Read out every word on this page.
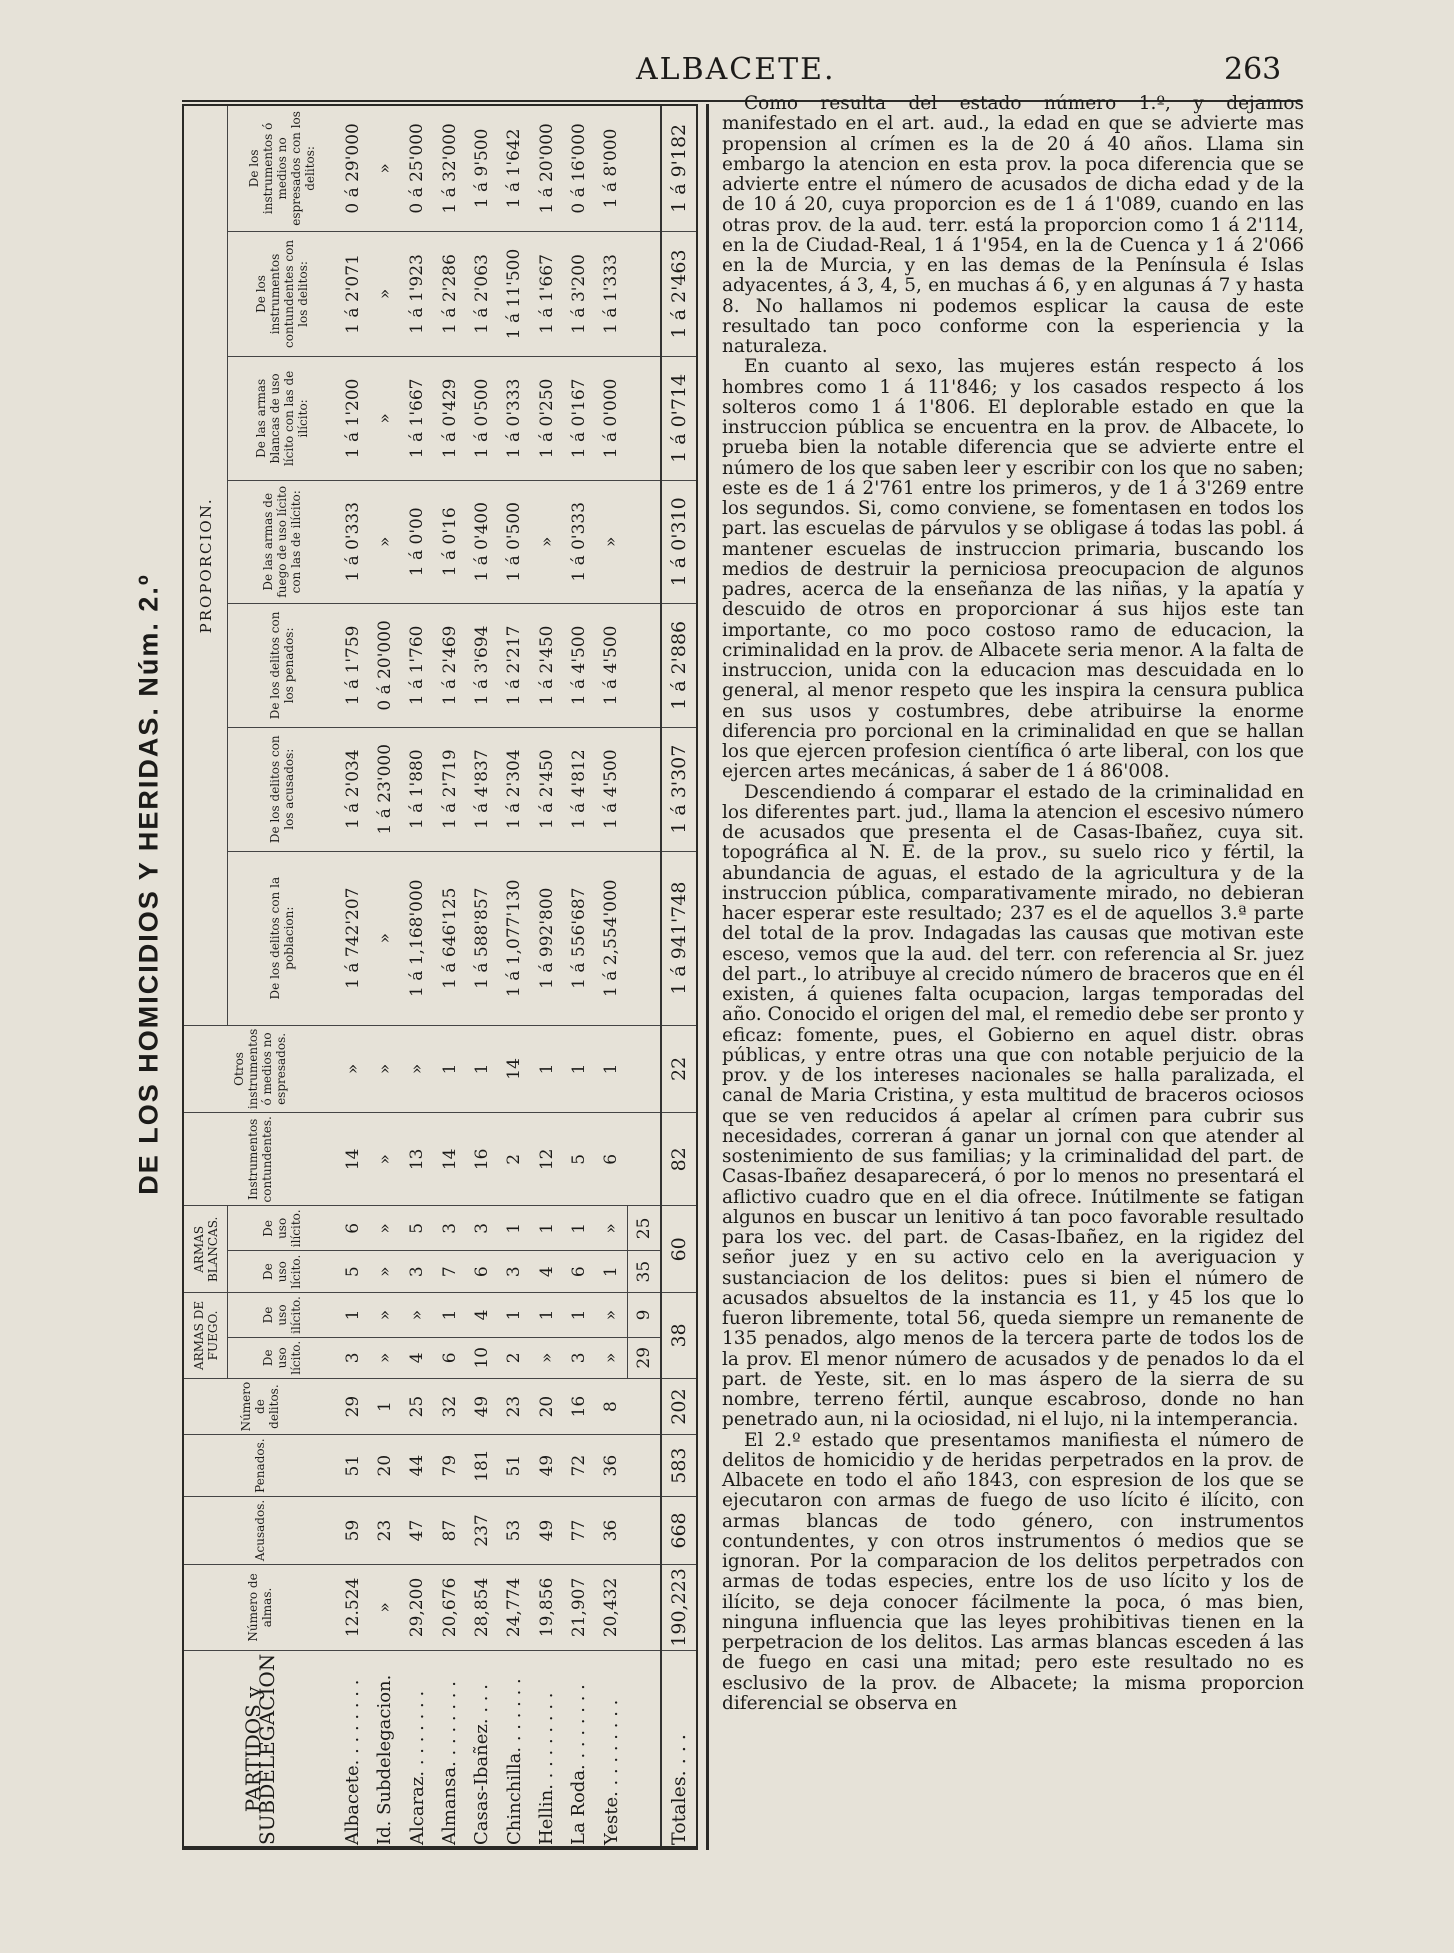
ALBACETE.	263
DE LOS HOMICIDIOS Y HERIDAS. Núm. 2.º
PARTIDOS y SUBDELEGACION	Número de almas.	Acusados.	Penados.	Número de delitos.	ARMAS DE FUEGO.		ARMAS BLANCAS.		Instrumentos contundentes.	Otros instrumentos ó medios no espresados.	PROPORCION.						
					De uso lícito.	De uso ilícito.	De uso lícito.	De uso ilícito.			De los delitos con la poblacion:	De los delitos con los acusados:	De los delitos con los penados:	De las armas de fuego de uso lícito con las de ilícito:	De las armas blancas de uso lícito con las de ilícito:	De los instrumentos contundentes con los delitos:	De los instrumentos ó medios no espresados con los delitos:
Albacete. . . . . . . .	12.524	59	51	29	3	1	5	6	14	»	1 á 742'207	1 á 2'034	1 á 1'759	1 á 0'333	1 á 1'200	1 á 2'071	0 á 29'000
Id. Subdelegacion.	»	23	20	1	»	»	»	»	»	»	»	1 á 23'000	0 á 20'000	»	»	»	»
Alcaraz. . . . . . . .	29,200	47	44	25	4	»	3	5	13	»	1 á 1,168'000	1 á 1'880	1 á 1'760	1 á 0'00	1 á 1'667	1 á 1'923	0 á 25'000
Almansa. . . . . . . .	20,676	87	79	32	6	1	7	3	14	1	1 á 646'125	1 á 2'719	1 á 2'469	1 á 0'16	1 á 0'429	1 á 2'286	1 á 32'000
Casas-Ibañez. . . .	28,854	237	181	49	10	4	6	3	16	1	1 á 588'857	1 á 4'837	1 á 3'694	1 á 0'400	1 á 0'500	1 á 2'063	1 á 9'500
Chinchilla. . . . . . .	24,774	53	51	23	2	1	3	1	2	14	1 á 1,077'130	1 á 2'304	1 á 2'217	1 á 0'500	1 á 0'333	1 á 11'500	1 á 1'642
Hellin. . . . . . . . .	19,856	49	49	20	»	1	4	1	12	1	1 á 992'800	1 á 2'450	1 á 2'450	»	1 á 0'250	1 á 1'667	1 á 20'000
La Roda. . . . . . . .	21,907	77	72	16	3	1	6	1	5	1	1 á 556'687	1 á 4'812	1 á 4'500	1 á 0'333	1 á 0'167	1 á 3'200	0 á 16'000
Yeste. . . . . . . . .	20,432	36	36	8	»	»	1	»	6	1	1 á 2,554'000	1 á 4'500	1 á 4'500	»	1 á 0'000	1 á 1'333	1 á 8'000
					29	9	35	25									
Totales. . . .	190,223	668	583	202	38		60		82	22	1 á 941'748	1 á 3'307	1 á 2'886	1 á 0'310	1 á 0'714	1 á 2'463	1 á 9'182

Como resulta del estado número 1.º, y dejamos manifestado en el art. aud., la edad en que se advierte mas propension al crímen es la de 20 á 40 años. Llama sin embargo la atencion en esta prov. la poca diferencia que se advierte entre el número de acusados de dicha edad y de la de 10 á 20, cuya proporcion es de 1 á 1'089, cuando en las otras prov. de la aud. terr. está la proporcion como 1 á 2'114, en la de Ciudad-Real, 1 á 1'954, en la de Cuenca y 1 á 2'066 en la de Murcia, y en las demas de la Península é Islas adyacentes, á 3, 4, 5, en muchas á 6, y en algunas á 7 y hasta 8. No hallamos ni podemos esplicar la causa de este resultado tan poco conforme con la esperiencia y la naturaleza.

En cuanto al sexo, las mujeres están respecto á los hombres como 1 á 11'846; y los casados respecto á los solteros como 1 á 1'806. El deplorable estado en que la instruccion pública se encuentra en la prov. de Albacete, lo prueba bien la notable diferencia que se advierte entre el número de los que saben leer y escribir con los que no saben; este es de 1 á 2'761 entre los primeros, y de 1 á 3'269 entre los segundos. Si, como conviene, se fomentasen en todos los part. las escuelas de párvulos y se obligase á todas las pobl. á mantener escuelas de instruccion primaria, buscando los medios de destruir la perniciosa preocupacion de algunos padres, acerca de la enseñanza de las niñas, y la apatía y descuido de otros en proporcionar á sus hijos este tan importante, co mo poco costoso ramo de educacion, la criminalidad en la prov. de Albacete seria menor. A la falta de instruccion, unida con la educacion mas descuidada en lo general, al menor respeto que les inspira la censura publica en sus usos y costumbres, debe atribuirse la enorme diferencia pro porcional en la criminalidad en que se hallan los que ejercen profesion científica ó arte liberal, con los que ejercen artes mecánicas, á saber de 1 á 86'008.

Descendiendo á comparar el estado de la criminalidad en los diferentes part. jud., llama la atencion el escesivo número de acusados que presenta el de Casas-Ibañez, cuya sit. topográfica al N. E. de la prov., su suelo rico y fértil, la abundancia de aguas, el estado de la agricultura y de la instruccion pública, comparativamente mirado, no debieran hacer esperar este resultado; 237 es el de aquellos 3.ª parte del total de la prov. Indagadas las causas que motivan este esceso, vemos que la aud. del terr. con referencia al Sr. juez del part., lo atribuye al crecido número de braceros que en él existen, á quienes falta ocupacion, largas temporadas del año. Conocido el origen del mal, el remedio debe ser pronto y eficaz: fomente, pues, el Gobierno en aquel distr. obras públicas, y entre otras una que con notable perjuicio de la prov. y de los intereses nacionales se halla paralizada, el canal de Maria Cristina, y esta multitud de braceros ociosos que se ven reducidos á apelar al crímen para cubrir sus necesidades, correran á ganar un jornal con que atender al sostenimiento de sus familias; y la criminalidad del part. de Casas-Ibañez desaparecerá, ó por lo menos no presentará el aflictivo cuadro que en el dia ofrece. Inútilmente se fatigan algunos en buscar un lenitivo á tan poco favorable resultado para los vec. del part. de Casas-Ibañez, en la rigidez del señor juez y en su activo celo en la averiguacion y sustanciacion de los delitos: pues si bien el número de acusados absueltos de la instancia es 11, y 45 los que lo fueron libremente, total 56, queda siempre un remanente de 135 penados, algo menos de la tercera parte de todos los de la prov. El menor número de acusados y de penados lo da el part. de Yeste, sit. en lo mas áspero de la sierra de su nombre, terreno fértil, aunque escabroso, donde no han penetrado aun, ni la ociosidad, ni el lujo, ni la intemperancia.

El 2.º estado que presentamos manifiesta el número de delitos de homicidio y de heridas perpetrados en la prov. de Albacete en todo el año 1843, con espresion de los que se ejecutaron con armas de fuego de uso lícito é ilícito, con armas blancas de todo género, con instrumentos contundentes, y con otros instrumentos ó medios que se ignoran. Por la comparacion de los delitos perpetrados con armas de todas especies, entre los de uso lícito y los de ilícito, se deja conocer fácilmente la poca, ó mas bien, ninguna influencia que las leyes prohibitivas tienen en la perpetracion de los delitos. Las armas blancas esceden á las de fuego en casi una mitad; pero este resultado no es esclusivo de la prov. de Albacete; la misma proporcion diferencial se observa en
